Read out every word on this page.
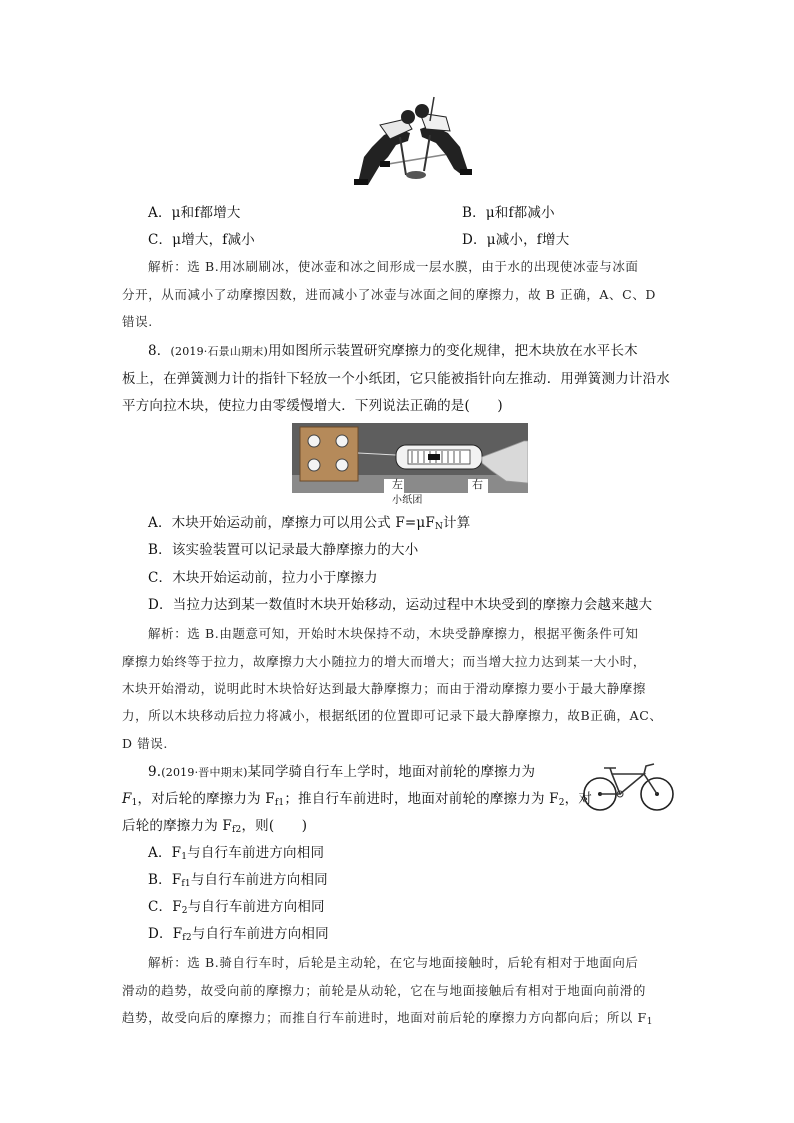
A．μ和f都增大	B．μ和f都减小
C．μ增大，f减小	D．μ减小，f增大
解析：选 B.用冰刷刷冰，使冰壶和冰之间形成一层水膜，由于水的出现使冰壶与冰面
分开，从而减小了动摩擦因数，进而减小了冰壶与冰面之间的摩擦力，故 B 正确，A、C、D
错误.
8．(2019·石景山期末)用如图所示装置研究摩擦力的变化规律，把木块放在水平长木
板上，在弹簧测力计的指针下轻放一个小纸团，它只能被指针向左推动．用弹簧测力计沿水
平方向拉木块，使拉力由零缓慢增大．下列说法正确的是(　　)
左	右
小纸团
A．木块开始运动前，摩擦力可以用公式 $F=\mu F_N$计算
B．该实验装置可以记录最大静摩擦力的大小
C．木块开始运动前，拉力小于摩擦力
D．当拉力达到某一数值时木块开始移动，运动过程中木块受到的摩擦力会越来越大
解析：选 B.由题意可知，开始时木块保持不动，木块受静摩擦力，根据平衡条件可知
摩擦力始终等于拉力，故摩擦力大小随拉力的增大而增大；而当增大拉力达到某一大小时，
木块开始滑动，说明此时木块恰好达到最大静摩擦力；而由于滑动摩擦力要小于最大静摩擦
力，所以木块移动后拉力将减小，根据纸团的位置即可记录下最大静摩擦力，故B正确，AC、
D 错误.
9.(2019·晋中期末)某同学骑自行车上学时，地面对前轮的摩擦力为
$F_1$，对后轮的摩擦力为 $F_{f1}$；推自行车前进时，地面对前轮的摩擦力为 $F_2$，对
后轮的摩擦力为 $F_{f2}$，则(　　)
A．$F_1$与自行车前进方向相同
B．$F_{f1}$与自行车前进方向相同
C．$F_2$与自行车前进方向相同
D．$F_{f2}$与自行车前进方向相同
解析：选 B.骑自行车时，后轮是主动轮，在它与地面接触时，后轮有相对于地面向后
滑动的趋势，故受向前的摩擦力；前轮是从动轮，它在与地面接触后有相对于地面向前滑的
趋势，故受向后的摩擦力；而推自行车前进时，地面对前后轮的摩擦力方向都向后；所以 $F_1$
